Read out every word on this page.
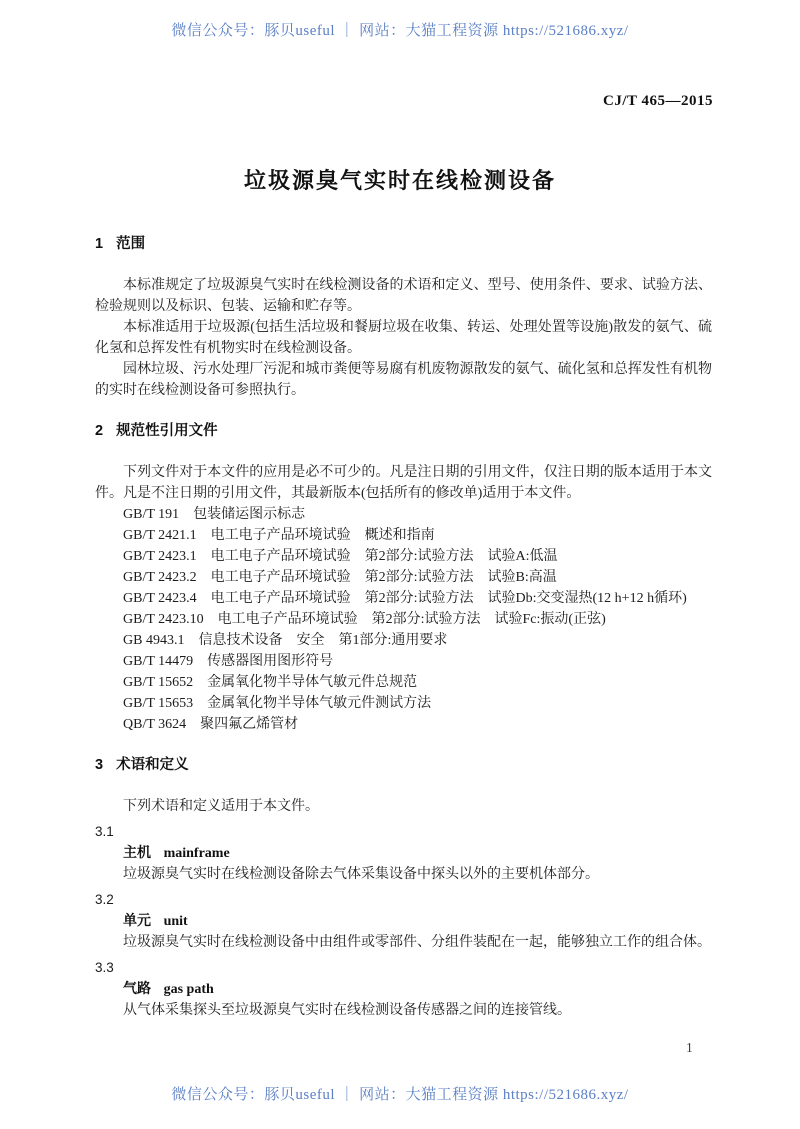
微信公众号：豚贝useful ｜ 网站：大猫工程资源 https://521686.xyz/
CJ/T 465—2015
垃圾源臭气实时在线检测设备
1 范围

本标准规定了垃圾源臭气实时在线检测设备的术语和定义、型号、使用条件、要求、试验方法、检验规则以及标识、包装、运输和贮存等。

本标准适用于垃圾源(包括生活垃圾和餐厨垃圾在收集、转运、处理处置等设施)散发的氨气、硫化氢和总挥发性有机物实时在线检测设备。

园林垃圾、污水处理厂污泥和城市粪便等易腐有机废物源散发的氨气、硫化氢和总挥发性有机物的实时在线检测设备可参照执行。

2 规范性引用文件

下列文件对于本文件的应用是必不可少的。凡是注日期的引用文件，仅注日期的版本适用于本文件。凡是不注日期的引用文件，其最新版本(包括所有的修改单)适用于本文件。

GB/T 191　包装储运图示标志

GB/T 2421.1　电工电子产品环境试验　概述和指南

GB/T 2423.1　电工电子产品环境试验　第2部分:试验方法　试验A:低温

GB/T 2423.2　电工电子产品环境试验　第2部分:试验方法　试验B:高温

GB/T 2423.4　电工电子产品环境试验　第2部分:试验方法　试验Db:交变湿热(12 h+12 h循环)

GB/T 2423.10　电工电子产品环境试验　第2部分:试验方法　试验Fc:振动(正弦)

GB 4943.1　信息技术设备　安全　第1部分:通用要求

GB/T 14479　传感器图用图形符号

GB/T 15652　金属氧化物半导体气敏元件总规范

GB/T 15653　金属氧化物半导体气敏元件测试方法

QB/T 3624　聚四氟乙烯管材

3 术语和定义

下列术语和定义适用于本文件。

3.1
主机 mainframe

垃圾源臭气实时在线检测设备除去气体采集设备中探头以外的主要机体部分。

3.2
单元 unit

垃圾源臭气实时在线检测设备中由组件或零部件、分组件装配在一起，能够独立工作的组合体。

3.3
气路 gas path

从气体采集探头至垃圾源臭气实时在线检测设备传感器之间的连接管线。

1
微信公众号：豚贝useful ｜ 网站：大猫工程资源 https://521686.xyz/
